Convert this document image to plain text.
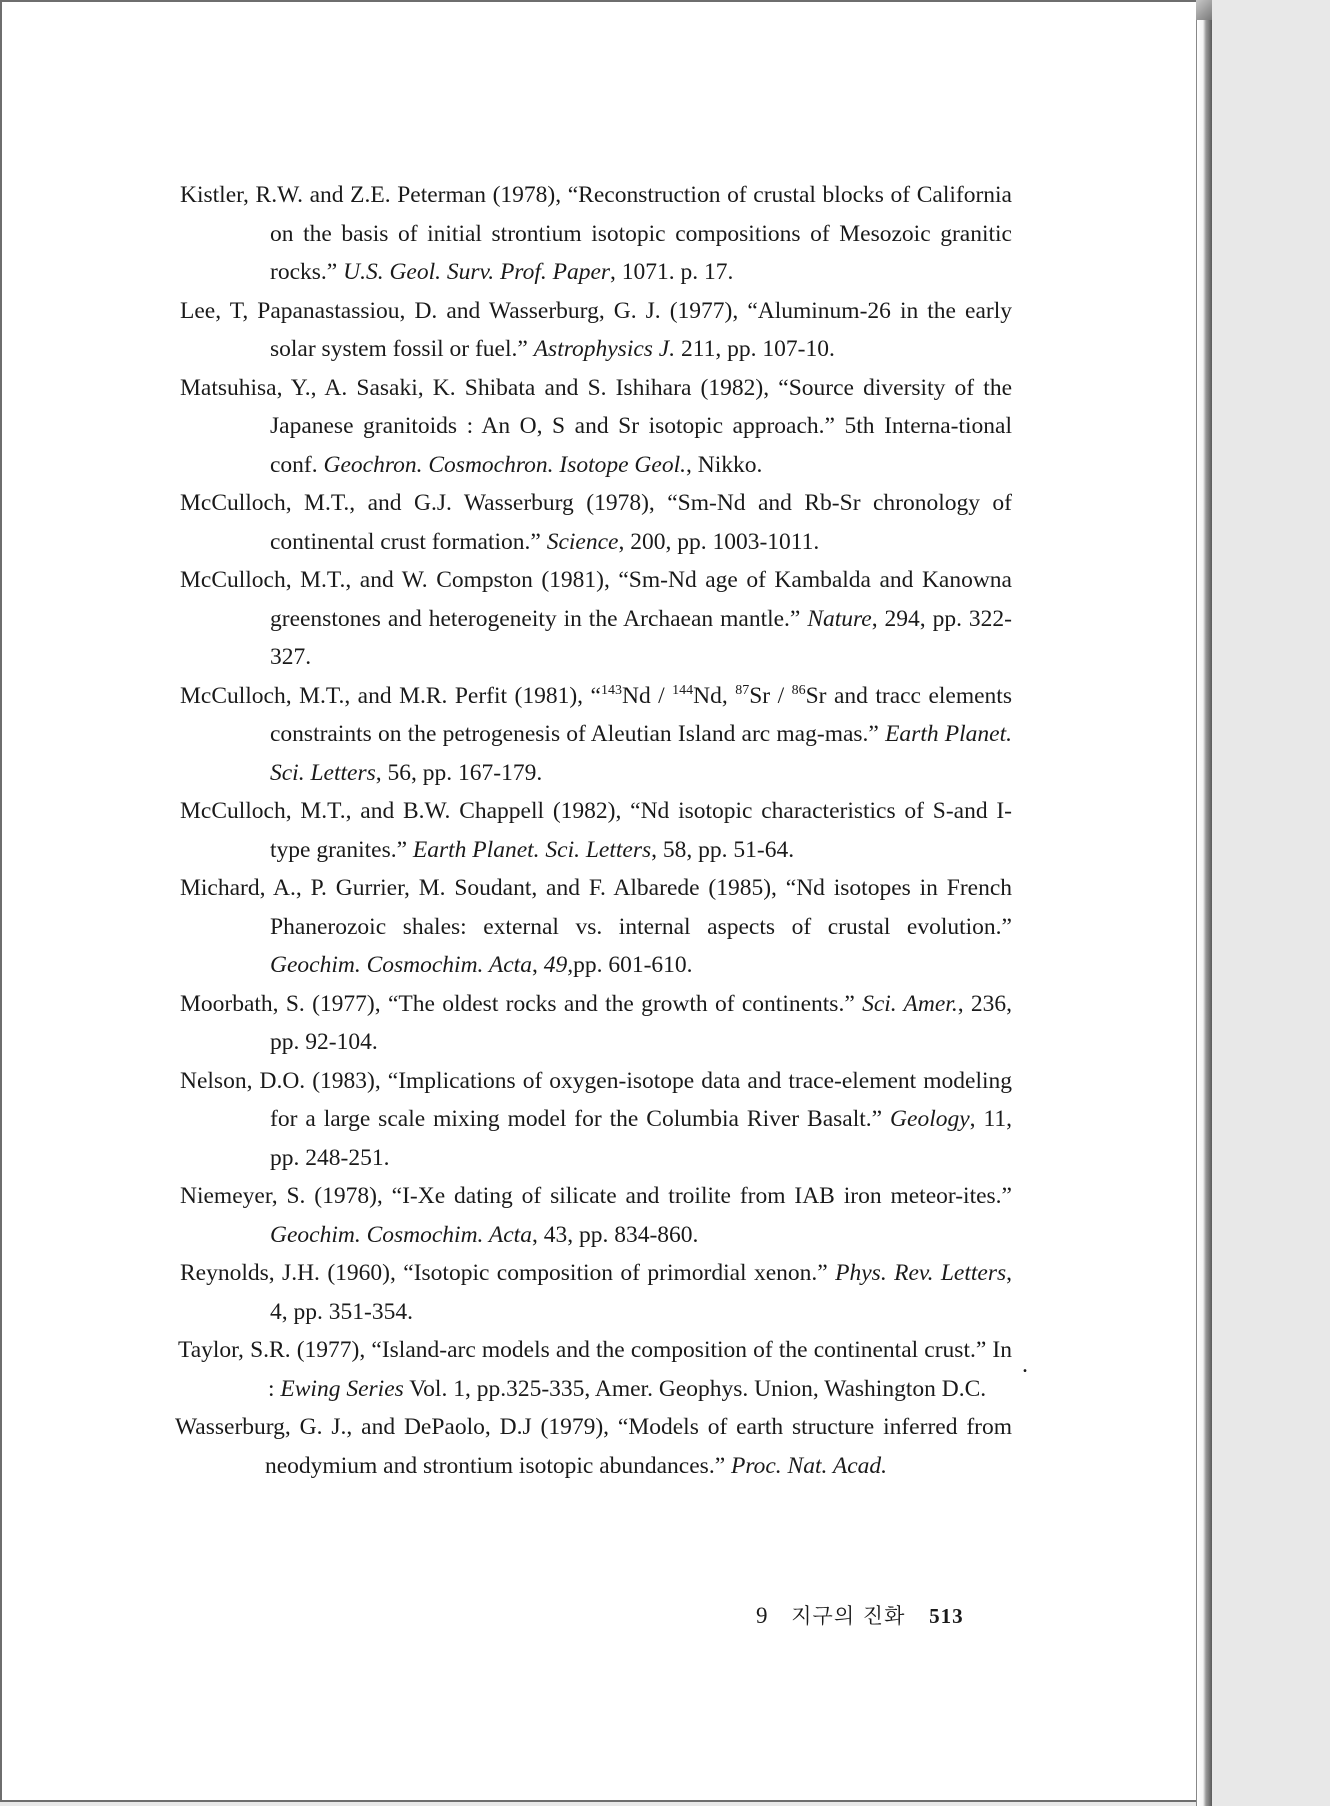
Kistler, R.W. and Z.E. Peterman (1978), “Reconstruction of crustal blocks of California on the basis of initial strontium isotopic compositions of Mesozoic granitic rocks.” U.S. Geol. Surv. Prof. Paper, 1071. p. 17.

Lee, T, Papanastassiou, D. and Wasserburg, G. J. (1977), “Aluminum-26 in the early solar system fossil or fuel.” Astrophysics J. 211, pp. 107-10.

Matsuhisa, Y., A. Sasaki, K. Shibata and S. Ishihara (1982), “Source diversity of the Japanese granitoids : An O, S and Sr isotopic approach.” 5th Interna-tional conf. Geochron. Cosmochron. Isotope Geol., Nikko.

McCulloch, M.T., and G.J. Wasserburg (1978), “Sm-Nd and Rb-Sr chronology of continental crust formation.” Science, 200, pp. 1003-1011.

McCulloch, M.T., and W. Compston (1981), “Sm-Nd age of Kambalda and Kanowna greenstones and heterogeneity in the Archaean mantle.” Nature, 294, pp. 322-327.

McCulloch, M.T., and M.R. Perfit (1981), “$^{143}$Nd / $^{144}$Nd, $^{87}$Sr / $^{86}$Sr and tracc elements constraints on the petrogenesis of Aleutian Island arc mag-mas.” Earth Planet. Sci. Letters, 56, pp. 167-179.

McCulloch, M.T., and B.W. Chappell (1982), “Nd isotopic characteristics of S-and I-type granites.” Earth Planet. Sci. Letters, 58, pp. 51-64.

Michard, A., P. Gurrier, M. Soudant, and F. Albarede (1985), “Nd isotopes in French Phanerozoic shales: external vs. internal aspects of crustal evolution.” Geochim. Cosmochim. Acta, 49,pp. 601-610.

Moorbath, S. (1977), “The oldest rocks and the growth of continents.” Sci. Amer., 236, pp. 92-104.

Nelson, D.O. (1983), “Implications of oxygen-isotope data and trace-element modeling for a large scale mixing model for the Columbia River Basalt.” Geology, 11, pp. 248-251.

Niemeyer, S. (1978), “I-Xe dating of silicate and troilite from IAB iron meteor-ites.” Geochim. Cosmochim. Acta, 43, pp. 834-860.

Reynolds, J.H. (1960), “Isotopic composition of primordial xenon.” Phys. Rev. Letters, 4, pp. 351-354.

Taylor, S.R. (1977), “Island-arc models and the composition of the continental crust.” In : Ewing Series Vol. 1, pp.325-335, Amer. Geophys. Union, Washington D.C.

Wasserburg, G. J., and DePaolo, D.J (1979), “Models of earth structure inferred from neodymium and strontium isotopic abundances.” Proc. Nat. Acad.

.
9 지구의 진화 513
